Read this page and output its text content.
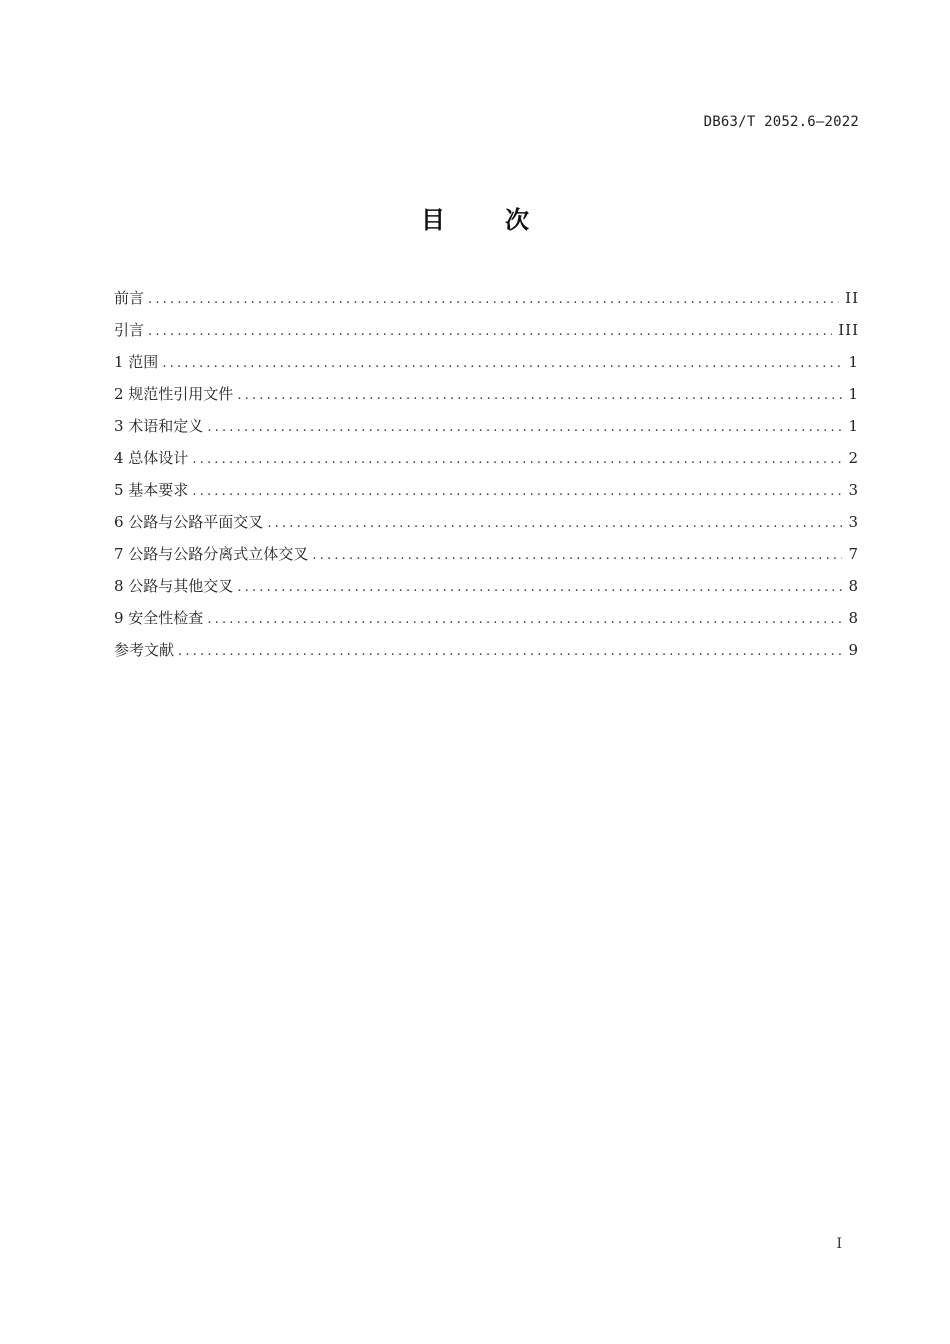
DB63/T 2052.6—2022
目次
前言 .....	II
引言 .....	III
1 范围 .....	1
2 规范性引用文件 .....	1
3 术语和定义 .....	1
4 总体设计 .....	2
5 基本要求 .....	3
6 公路与公路平面交叉 .....	3
7 公路与公路分离式立体交叉 .....	7
8 公路与其他交叉 .....	8
9 安全性检查 .....	8
参考文献 .....	9
I
